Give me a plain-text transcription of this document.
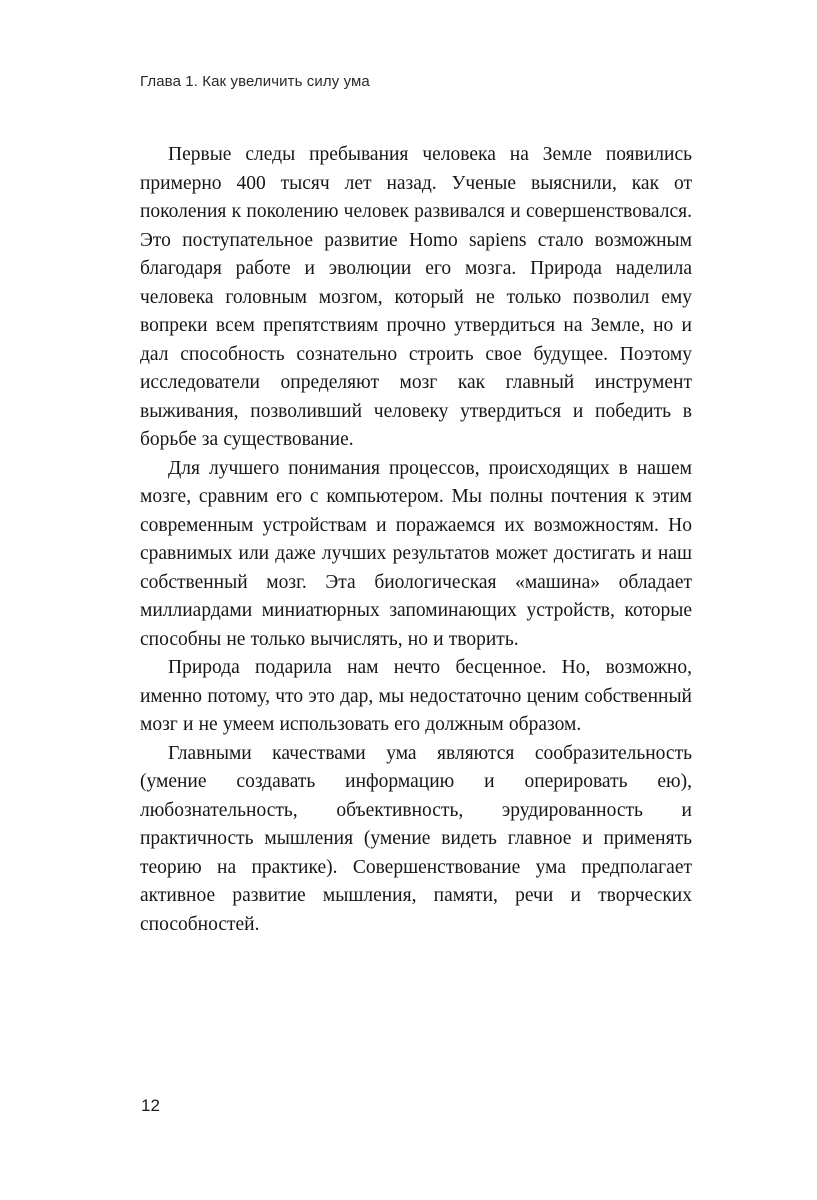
Глава 1. Как увеличить силу ума

Первые следы пребывания человека на Земле появились примерно 400 тысяч лет назад. Ученые выяснили, как от поколения к поколению человек развивался и совершенствовался. Это поступательное развитие Homo sapiens стало возможным благодаря работе и эволюции его мозга. Природа наделила человека головным мозгом, который не только позволил ему вопреки всем препятствиям прочно утвердиться на Земле, но и дал способность сознательно строить свое будущее. Поэтому исследователи определяют мозг как главный инструмент выживания, позволивший человеку утвердиться и победить в борьбе за существование.

Для лучшего понимания процессов, происходящих в нашем мозге, сравним его с компьютером. Мы полны почтения к этим современным устройствам и поражаемся их возможностям. Но сравнимых или даже лучших результатов может достигать и наш собственный мозг. Эта биологическая «машина» обладает миллиардами миниатюрных запоминающих устройств, которые способны не только вычислять, но и творить.

Природа подарила нам нечто бесценное. Но, возможно, именно потому, что это дар, мы недостаточно ценим собственный мозг и не умеем использовать его должным образом.

Главными качествами ума являются сообразительность (умение создавать информацию и оперировать ею), любознательность, объективность, эрудированность и практичность мышления (умение видеть главное и применять теорию на практике). Совершенствование ума предполагает активное развитие мышления, памяти, речи и творческих способностей.

12
